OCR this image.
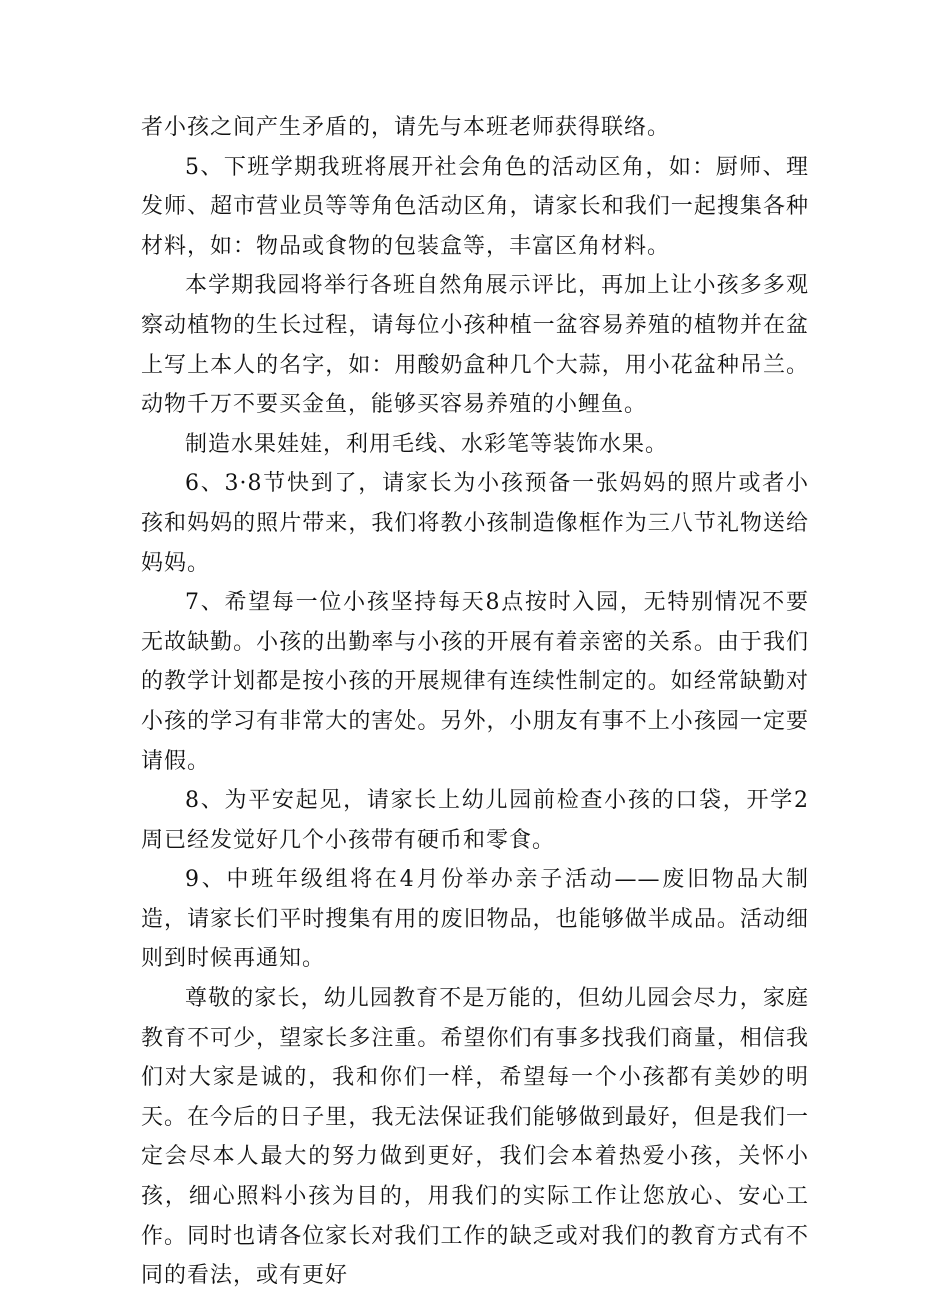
者小孩之间产生矛盾的，请先与本班老师获得联络。

5、下班学期我班将展开社会角色的活动区角，如：厨师、理发师、超市营业员等等角色活动区角，请家长和我们一起搜集各种材料，如：物品或食物的包装盒等，丰富区角材料。

本学期我园将举行各班自然角展示评比，再加上让小孩多多观察动植物的生长过程，请每位小孩种植一盆容易养殖的植物并在盆上写上本人的名字，如：用酸奶盒种几个大蒜，用小花盆种吊兰。动物千万不要买金鱼，能够买容易养殖的小鲤鱼。

制造水果娃娃，利用毛线、水彩笔等装饰水果。

6、3·8节快到了，请家长为小孩预备一张妈妈的照片或者小孩和妈妈的照片带来，我们将教小孩制造像框作为三八节礼物送给妈妈。

7、希望每一位小孩坚持每天8点按时入园，无特别情况不要无故缺勤。小孩的出勤率与小孩的开展有着亲密的关系。由于我们的教学计划都是按小孩的开展规律有连续性制定的。如经常缺勤对小孩的学习有非常大的害处。另外，小朋友有事不上小孩园一定要请假。

8、为平安起见，请家长上幼儿园前检查小孩的口袋，开学2周已经发觉好几个小孩带有硬币和零食。

9、中班年级组将在4月份举办亲子活动——废旧物品大制造，请家长们平时搜集有用的废旧物品，也能够做半成品。活动细则到时候再通知。

尊敬的家长，幼儿园教育不是万能的，但幼儿园会尽力，家庭教育不可少，望家长多注重。希望你们有事多找我们商量，相信我们对大家是诚的，我和你们一样，希望每一个小孩都有美妙的明天。在今后的日子里，我无法保证我们能够做到最好，但是我们一定会尽本人最大的努力做到更好，我们会本着热爱小孩，关怀小孩，细心照料小孩为目的，用我们的实际工作让您放心、安心工作。同时也请各位家长对我们工作的缺乏或对我们的教育方式有不同的看法，或有更好
